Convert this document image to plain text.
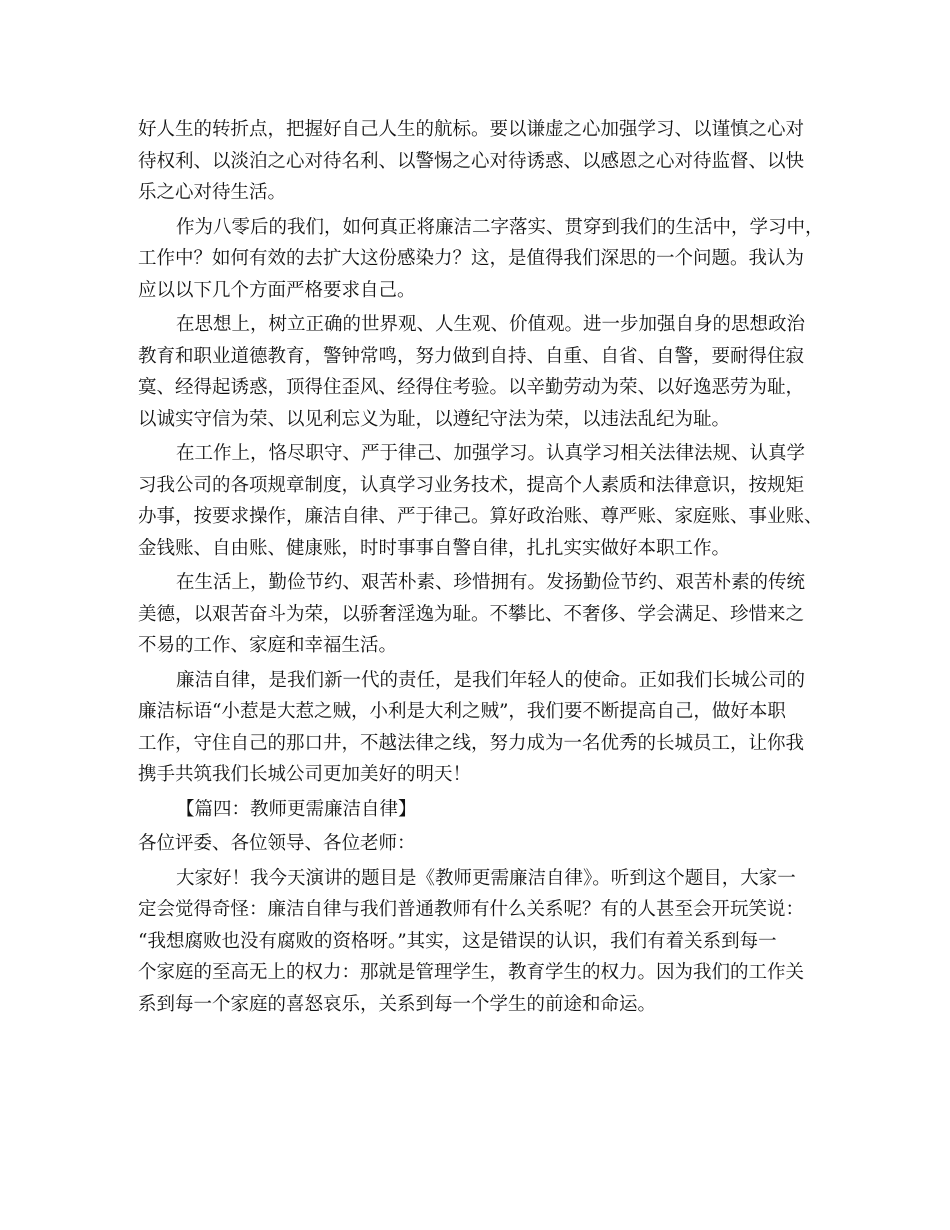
好人生的转折点，把握好自己人生的航标。要以谦虚之心加强学习、以谨慎之心对
待权利、以淡泊之心对待名利、以警惕之心对待诱惑、以感恩之心对待监督、以快
乐之心对待生活。
作为八零后的我们，如何真正将廉洁二字落实、贯穿到我们的生活中，学习中，
工作中？如何有效的去扩大这份感染力？这，是值得我们深思的一个问题。我认为
应以以下几个方面严格要求自己。
在思想上，树立正确的世界观、人生观、价值观。进一步加强自身的思想政治
教育和职业道德教育，警钟常鸣，努力做到自持、自重、自省、自警，要耐得住寂
寞、经得起诱惑，顶得住歪风、经得住考验。以辛勤劳动为荣、以好逸恶劳为耻，
以诚实守信为荣、以见利忘义为耻，以遵纪守法为荣，以违法乱纪为耻。
在工作上，恪尽职守、严于律己、加强学习。认真学习相关法律法规、认真学
习我公司的各项规章制度，认真学习业务技术，提高个人素质和法律意识，按规矩
办事，按要求操作，廉洁自律、严于律己。算好政治账、尊严账、家庭账、事业账、
金钱账、自由账、健康账，时时事事自警自律，扎扎实实做好本职工作。
在生活上，勤俭节约、艰苦朴素、珍惜拥有。发扬勤俭节约、艰苦朴素的传统
美德，以艰苦奋斗为荣，以骄奢淫逸为耻。不攀比、不奢侈、学会满足、珍惜来之
不易的工作、家庭和幸福生活。
廉洁自律，是我们新一代的责任，是我们年轻人的使命。正如我们长城公司的
廉洁标语“小惹是大惹之贼，小利是大利之贼”，我们要不断提高自己，做好本职
工作，守住自己的那口井，不越法律之线，努力成为一名优秀的长城员工，让你我
携手共筑我们长城公司更加美好的明天！
【篇四：教师更需廉洁自律】
各位评委、各位领导、各位老师：
大家好！我今天演讲的题目是《教师更需廉洁自律》。听到这个题目，大家一
定会觉得奇怪：廉洁自律与我们普通教师有什么关系呢？有的人甚至会开玩笑说：
“我想腐败也没有腐败的资格呀。”其实，这是错误的认识，我们有着关系到每一
个家庭的至高无上的权力：那就是管理学生，教育学生的权力。因为我们的工作关
系到每一个家庭的喜怒哀乐，关系到每一个学生的前途和命运。
